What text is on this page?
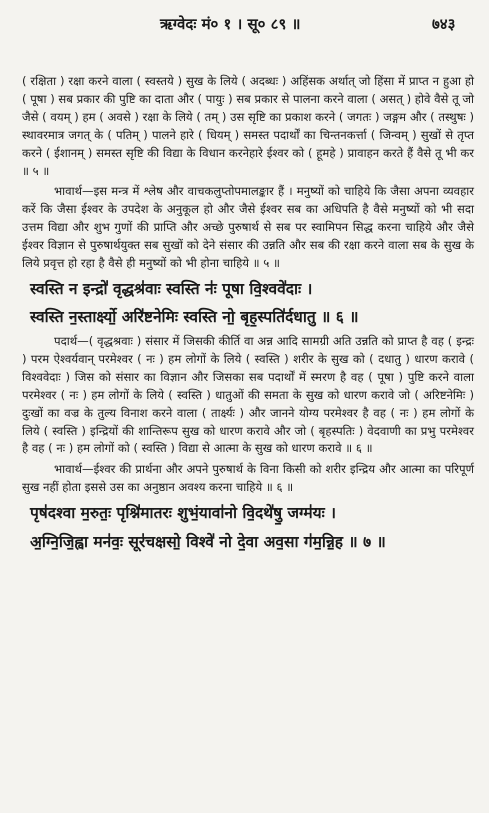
ऋग्वेदः मं० १ । सू० ८९ ॥	७४३

( रक्षिता ) रक्षा करने वाला ( स्वस्तये ) सुख के लिये ( अदब्धः ) अहिंसक अर्थात् जो हिंसा में प्राप्त न हुआ हो ( पूषा ) सब प्रकार की पुष्टि का दाता और ( पायुः ) सब प्रकार से पालना करने वाला ( असत् ) होवे वैसे तू जो जैसे ( वयम् ) हम ( अवसे ) रक्षा के लिये ( तम् ) उस सृष्टि का प्रकाश करने ( जगतः ) जङ्गम और ( तस्थुषः ) स्थावरमात्र जगत् के ( पतिम् ) पालने हारे ( धियम् ) समस्त पदार्थों का चिन्तनकर्त्ता ( जिन्वम् ) सुखों से तृप्त करने ( ईशानम् ) समस्त सृष्टि की विद्या के विधान करनेहारे ईश्वर को ( हूमहे ) प्रावाहन करते हैं वैसे तू भी कर ॥ ५ ॥

भावार्थ—इस मन्त्र में श्लेष और वाचकलुप्तोपमालङ्कार हैं । मनुष्यों को चाहिये कि जैसा अपना व्यवहार करें कि जैसा ईश्वर के उपदेश के अनुकूल हो और जैसे ईश्वर सब का अधिपति है वैसे मनुष्यों को भी सदा उत्तम विद्या और शुभ गुणों की प्राप्ति और अच्छे पुरुषार्थ से सब पर स्वामिपन सिद्ध करना चाहिये और जैसे ईश्वर विज्ञान से पुरुषार्थयुक्त सब सुखों को देने संसार की उन्नति और सब की रक्षा करने वाला सब के सुख के लिये प्रवृत्त हो रहा है वैसे ही मनुष्यों को भी होना चाहिये ॥ ५ ॥

स्वस्ति न इन्द्रो॑ वृद्धश्र॑वाः स्वस्ति नः॑ पूषा वि॒श्ववे॑दाः ।

स्वस्ति न॒स्तार्क्ष्यो॒ अरि॑ष्टनेमिः स्वस्ति नो॒ बृह॒स्पति॑र्दधातु ॥ ६ ॥

पदार्थ—( वृद्धश्रवाः ) संसार में जिसकी कीर्ति वा अन्न आदि सामग्री अति उन्नति को प्राप्त है वह ( इन्द्रः ) परम ऐश्वर्यवान् परमेश्वर ( नः ) हम लोगों के लिये ( स्वस्ति ) शरीर के सुख को ( दधातु ) धारण करावे ( विश्ववेदाः ) जिस को संसार का विज्ञान और जिसका सब पदार्थों में स्मरण है वह ( पूषा ) पुष्टि करने वाला परमेश्वर ( नः ) हम लोगों के लिये ( स्वस्ति ) धातुओं की समता के सुख को धारण करावे जो ( अरिष्टनेमिः ) दुःखों का वज्र के तुल्य विनाश करने वाला ( तार्क्ष्यः ) और जानने योग्य परमेश्वर है वह ( नः ) हम लोगों के लिये ( स्वस्ति ) इन्द्रियों की शान्तिरूप सुख को धारण करावे और जो ( बृहस्पतिः ) वेदवाणी का प्रभु परमेश्वर है वह ( नः ) हम लोगों को ( स्वस्ति ) विद्या से आत्मा के सुख को धारण करावे ॥ ६ ॥

भावार्थ—ईश्वर की प्रार्थना और अपने पुरुषार्थ के विना किसी को शरीर इन्द्रिय और आत्मा का परिपूर्ण सुख नहीं होता इससे उस का अनुष्ठान अवश्य करना चाहिये ॥ ६ ॥

पृष॑दश्वा म॒रुतः॒ पृश्नि॑मातरः शुभं॒यावा॑नो वि॒दथे॑षु॒ जग्म॑यः ।

अ॒ग्नि॒जि॒ह्वा मन॑वः॒ सूर॑चक्षसो॒ विश्वे॑ नो दे॒वा अव॒सा ग॑म॒न्नि॒ह ॥ ७ ॥
